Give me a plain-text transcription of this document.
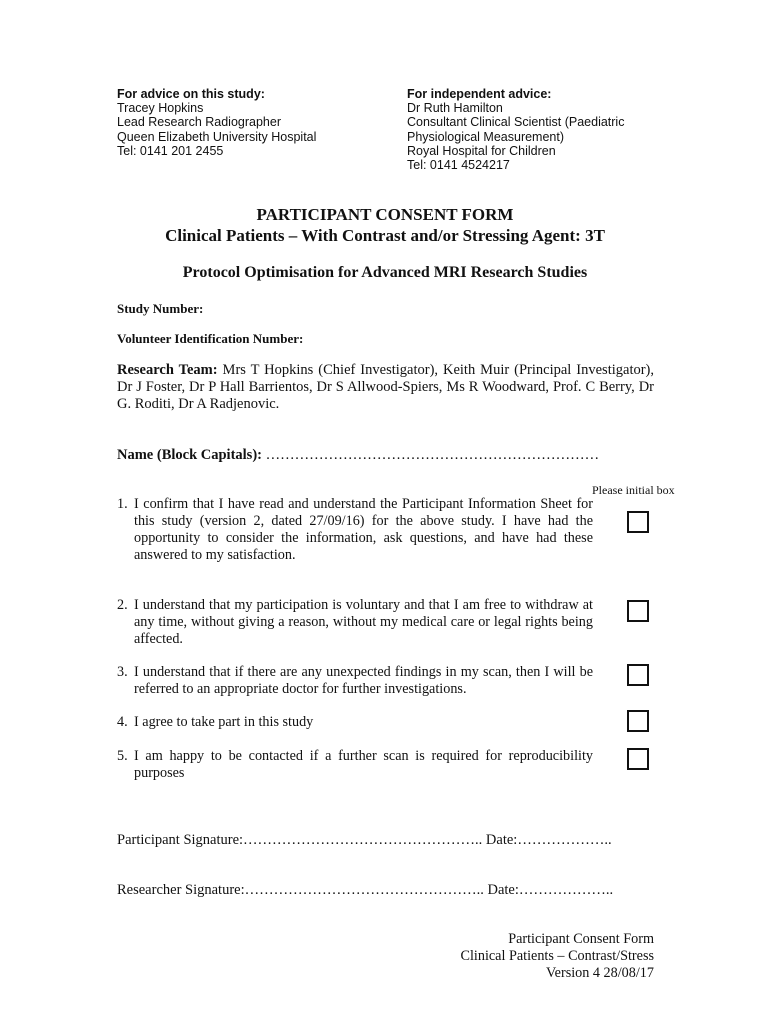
For advice on this study:
Tracey Hopkins
Lead Research Radiographer
Queen Elizabeth University Hospital
Tel: 0141 201 2455
For independent advice:
Dr Ruth Hamilton
Consultant Clinical Scientist (Paediatric
Physiological Measurement)
Royal Hospital for Children
Tel: 0141 4524217
PARTICIPANT CONSENT FORM
Clinical Patients – With Contrast and/or Stressing Agent: 3T
Protocol Optimisation for Advanced MRI Research Studies
Study Number:
Volunteer Identification Number:
Research Team: Mrs T Hopkins (Chief Investigator), Keith Muir (Principal Investigator), Dr J Foster, Dr P Hall Barrientos, Dr S Allwood-Spiers, Ms R Woodward, Prof. C Berry, Dr G. Roditi, Dr A Radjenovic.
Name (Block Capitals): ……………………………………………………………
Please initial box
1. I confirm that I have read and understand the Participant Information Sheet for this study (version 2, dated 27/09/16) for the above study. I have had the opportunity to consider the information, ask questions, and have had these answered to my satisfaction.
2. I understand that my participation is voluntary and that I am free to withdraw at any time, without giving a reason, without my medical care or legal rights being affected.
3. I understand that if there are any unexpected findings in my scan, then I will be referred to an appropriate doctor for further investigations.
4. I agree to take part in this study
5. I am happy to be contacted if a further scan is required for reproducibility purposes
Participant Signature:………………………………………….. Date:………………..
Researcher Signature:………………………………………….. Date:………………..
Participant Consent Form
Clinical Patients – Contrast/Stress
Version 4 28/08/17
